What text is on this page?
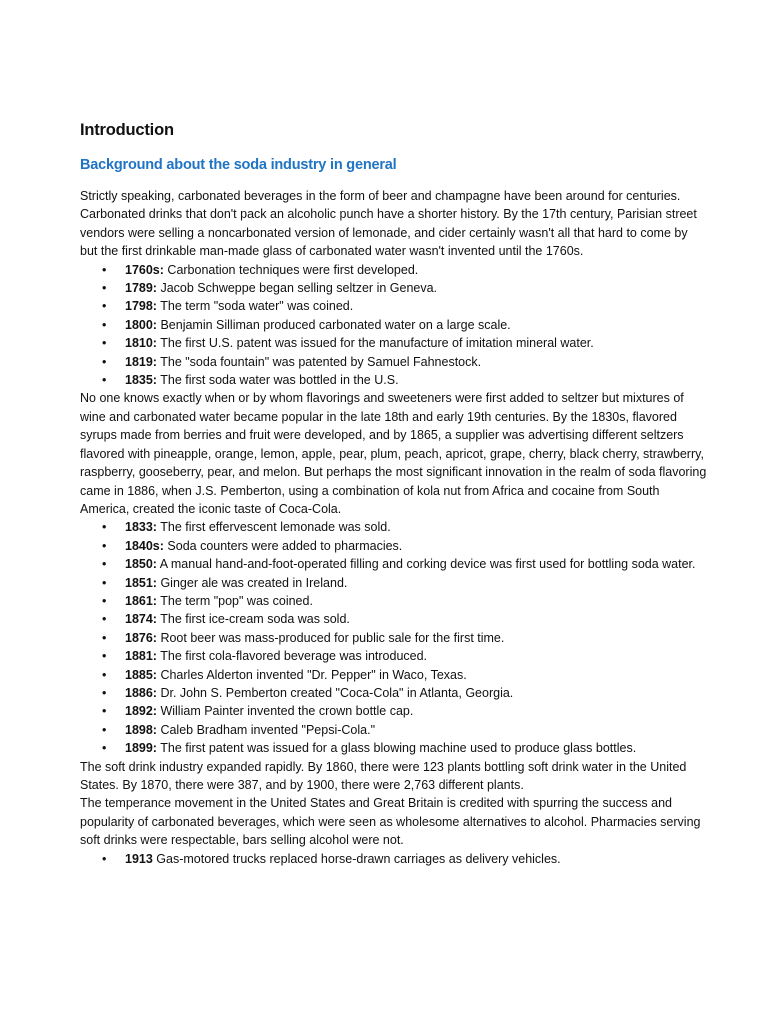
Introduction
Background about the soda industry in general

Strictly speaking, carbonated beverages in the form of beer and champagne have been around for centuries. Carbonated drinks that don't pack an alcoholic punch have a shorter history. By the 17th century, Parisian street vendors were selling a noncarbonated version of lemonade, and cider certainly wasn't all that hard to come by but the first drinkable man-made glass of carbonated water wasn't invented until the 1760s.

• 1760s: Carbonation techniques were first developed.
• 1789: Jacob Schweppe began selling seltzer in Geneva.
• 1798: The term "soda water" was coined.
• 1800: Benjamin Silliman produced carbonated water on a large scale.
• 1810: The first U.S. patent was issued for the manufacture of imitation mineral water.
• 1819: The "soda fountain" was patented by Samuel Fahnestock.
• 1835: The first soda water was bottled in the U.S.

No one knows exactly when or by whom flavorings and sweeteners were first added to seltzer but mixtures of wine and carbonated water became popular in the late 18th and early 19th centuries. By the 1830s, flavored syrups made from berries and fruit were developed, and by 1865, a supplier was advertising different seltzers flavored with pineapple, orange, lemon, apple, pear, plum, peach, apricot, grape, cherry, black cherry, strawberry, raspberry, gooseberry, pear, and melon. But perhaps the most significant innovation in the realm of soda flavoring came in 1886, when J.S. Pemberton, using a combination of kola nut from Africa and cocaine from South America, created the iconic taste of Coca-Cola.

• 1833: The first effervescent lemonade was sold.
• 1840s: Soda counters were added to pharmacies.
• 1850: A manual hand-and-foot-operated filling and corking device was first used for bottling soda water.
• 1851: Ginger ale was created in Ireland.
• 1861: The term "pop" was coined.
• 1874: The first ice-cream soda was sold.
• 1876: Root beer was mass-produced for public sale for the first time.
• 1881: The first cola-flavored beverage was introduced.
• 1885: Charles Alderton invented "Dr. Pepper" in Waco, Texas.
• 1886: Dr. John S. Pemberton created "Coca-Cola" in Atlanta, Georgia.
• 1892: William Painter invented the crown bottle cap.
• 1898: Caleb Bradham invented "Pepsi-Cola."
• 1899: The first patent was issued for a glass blowing machine used to produce glass bottles.

The soft drink industry expanded rapidly. By 1860, there were 123 plants bottling soft drink water in the United States. By 1870, there were 387, and by 1900, there were 2,763 different plants.

The temperance movement in the United States and Great Britain is credited with spurring the success and popularity of carbonated beverages, which were seen as wholesome alternatives to alcohol. Pharmacies serving soft drinks were respectable, bars selling alcohol were not.

• 1913 Gas-motored trucks replaced horse-drawn carriages as delivery vehicles.
